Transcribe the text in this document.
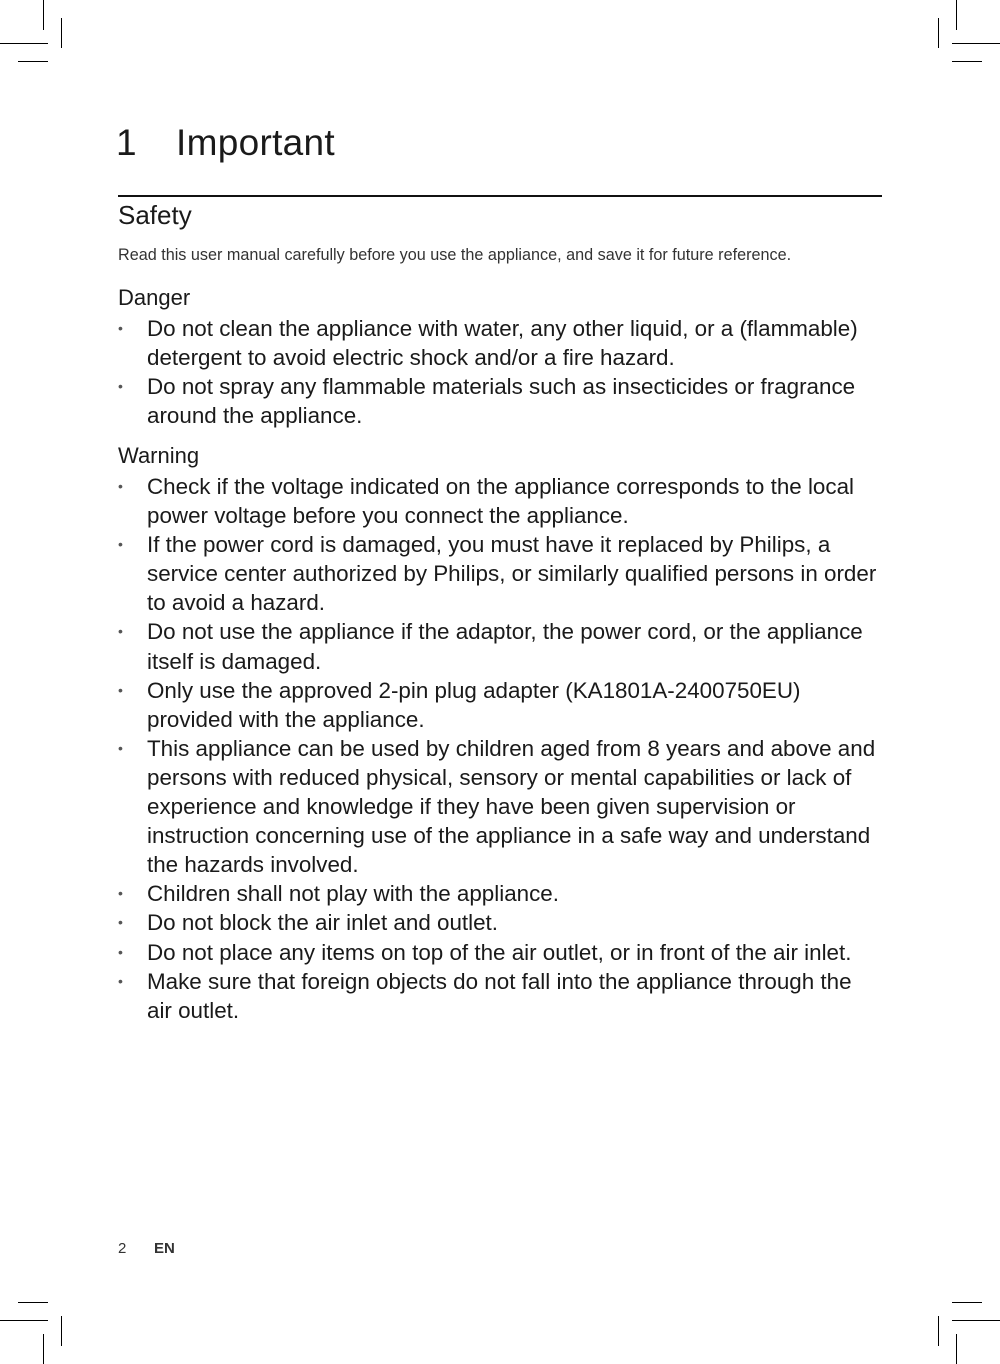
1 Important
Safety

Read this user manual carefully before you use the appliance, and save it for future reference.

Danger
•	Do not clean the appliance with water, any other liquid, or a (flammable) detergent to avoid electric shock and/or a fire hazard.
•	Do not spray any flammable materials such as insecticides or fragrance around the appliance.
Warning
•	Check if the voltage indicated on the appliance corresponds to the local power voltage before you connect the appliance.
•	If the power cord is damaged, you must have it replaced by Philips, a service center authorized by Philips, or similarly qualified persons in order to avoid a hazard.
•	Do not use the appliance if the adaptor, the power cord, or the appliance itself is damaged.
•	Only use the approved 2-pin plug adapter (KA1801A-2400750EU) provided with the appliance.
•	This appliance can be used by children aged from 8 years and above and persons with reduced physical, sensory or mental capabilities or lack of experience and knowledge if they have been given supervision or instruction concerning use of the appliance in a safe way and understand the hazards involved.
•	Children shall not play with the appliance.
•	Do not block the air inlet and outlet.
•	Do not place any items on top of the air outlet, or in front of the air inlet.
•	Make sure that foreign objects do not fall into the appliance through the air outlet.
2 EN
